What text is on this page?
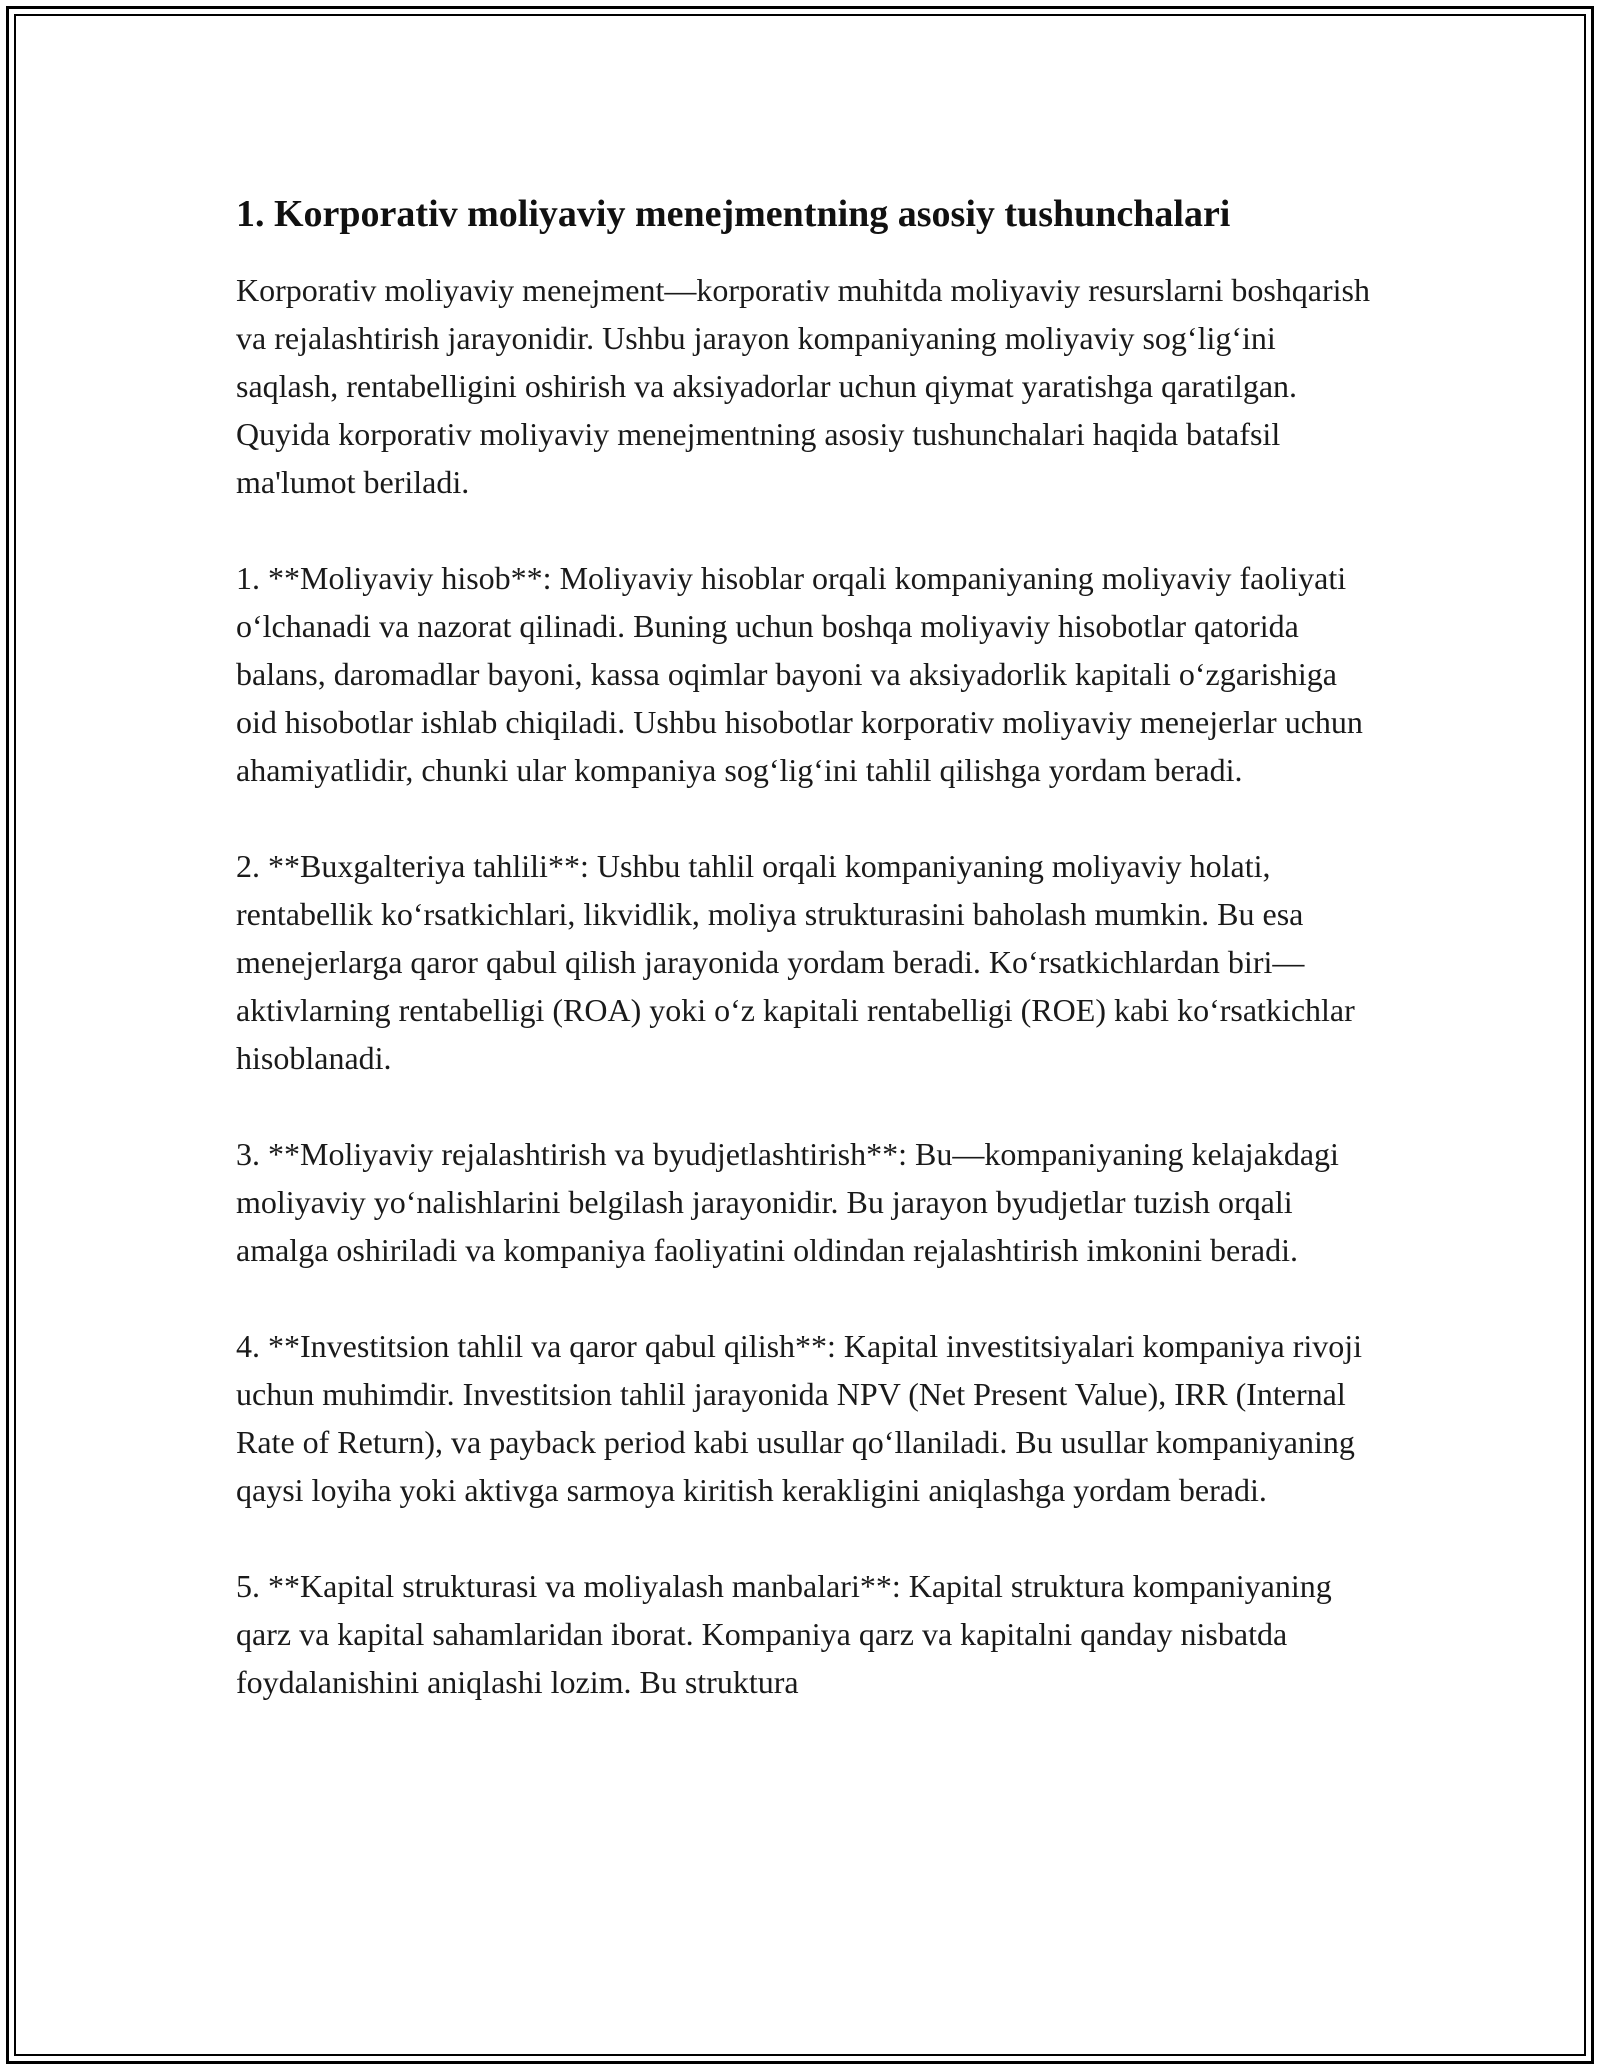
1. Korporativ moliyaviy menejmentning asosiy tushunchalari

Korporativ moliyaviy menejment—korporativ muhitda moliyaviy resurslarni boshqarish va rejalashtirish jarayonidir. Ushbu jarayon kompaniyaning moliyaviy sog‘lig‘ini saqlash, rentabelligini oshirish va aksiyadorlar uchun qiymat yaratishga qaratilgan. Quyida korporativ moliyaviy menejmentning asosiy tushunchalari haqida batafsil ma'lumot beriladi.

1. **Moliyaviy hisob**: Moliyaviy hisoblar orqali kompaniyaning moliyaviy faoliyati o‘lchanadi va nazorat qilinadi. Buning uchun boshqa moliyaviy hisobotlar qatorida balans, daromadlar bayoni, kassa oqimlar bayoni va aksiyadorlik kapitali o‘zgarishiga oid hisobotlar ishlab chiqiladi. Ushbu hisobotlar korporativ moliyaviy menejerlar uchun ahamiyatlidir, chunki ular kompaniya sog‘lig‘ini tahlil qilishga yordam beradi.

2. **Buxgalteriya tahlili**: Ushbu tahlil orqali kompaniyaning moliyaviy holati, rentabellik ko‘rsatkichlari, likvidlik, moliya strukturasini baholash mumkin. Bu esa menejerlarga qaror qabul qilish jarayonida yordam beradi. Ko‘rsatkichlardan biri—aktivlarning rentabelligi (ROA) yoki o‘z kapitali rentabelligi (ROE) kabi ko‘rsatkichlar hisoblanadi.

3. **Moliyaviy rejalashtirish va byudjetlashtirish**: Bu—kompaniyaning kelajakdagi moliyaviy yo‘nalishlarini belgilash jarayonidir. Bu jarayon byudjetlar tuzish orqali amalga oshiriladi va kompaniya faoliyatini oldindan rejalashtirish imkonini beradi.

4. **Investitsion tahlil va qaror qabul qilish**: Kapital investitsiyalari kompaniya rivoji uchun muhimdir. Investitsion tahlil jarayonida NPV (Net Present Value), IRR (Internal Rate of Return), va payback period kabi usullar qo‘llaniladi. Bu usullar kompaniyaning qaysi loyiha yoki aktivga sarmoya kiritish kerakligini aniqlashga yordam beradi.

5. **Kapital strukturasi va moliyalash manbalari**: Kapital struktura kompaniyaning qarz va kapital sahamlaridan iborat. Kompaniya qarz va kapitalni qanday nisbatda foydalanishini aniqlashi lozim. Bu struktura
